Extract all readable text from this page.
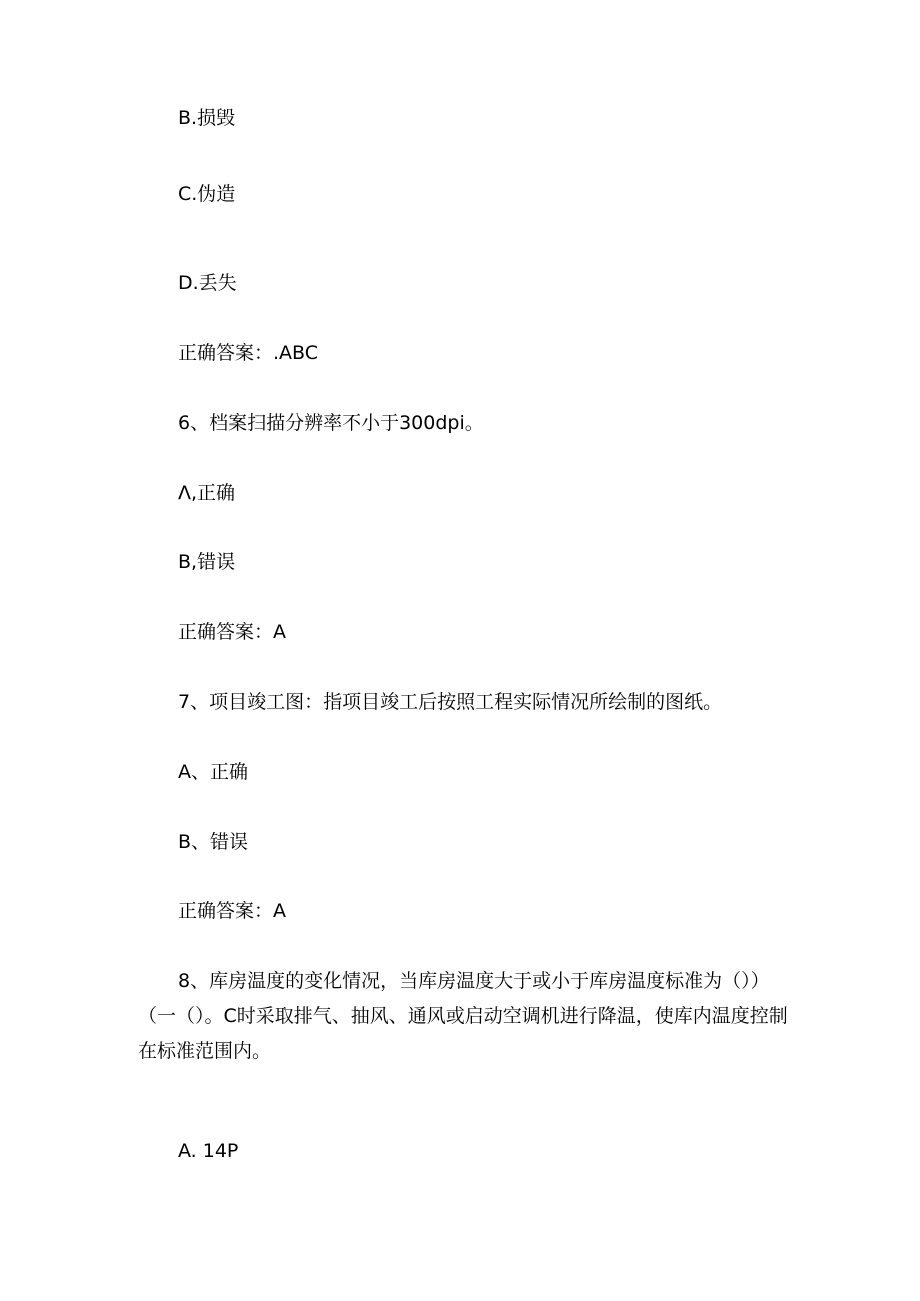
B.损毁
C.伪造
D.丢失
正确答案：.ABC
6、档案扫描分辨率不小于300dpi。
Λ,正确
B,错误
正确答案：A
7、项目竣工图：指项目竣工后按照工程实际情况所绘制的图纸。
A、正确
B、错误
正确答案：A
8、库房温度的变化情况，当库房温度大于或小于库房温度标准为（））（一（）。C时采取排气、抽风、通风或启动空调机进行降温，使库内温度控制在标准范围内。
A. 14P
